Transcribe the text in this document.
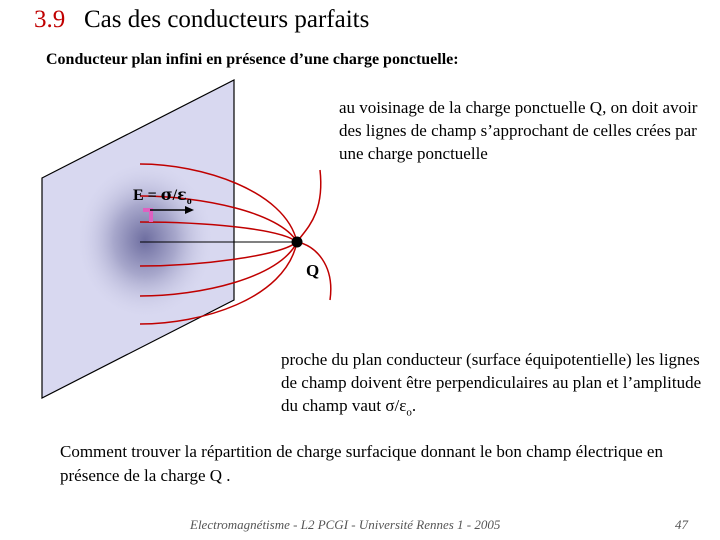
3.9 Cas des conducteurs parfaits
Conducteur plan infini en présence d’une charge ponctuelle:
au voisinage de la charge ponctuelle Q, on doit avoir des lignes de champ s’approchant de celles crées par une charge ponctuelle
$E = \sigma/\varepsilon_o$
Q
proche du plan conducteur (surface équipotentielle) les lignes de champ doivent être perpendiculaires au plan et l’amplitude du champ vaut $\sigma/\varepsilon_o$.
Comment trouver la répartition de charge surfacique donnant le bon champ électrique en présence de la charge Q .
Electromagnétisme - L2 PCGI - Université Rennes 1 - 2005	47
